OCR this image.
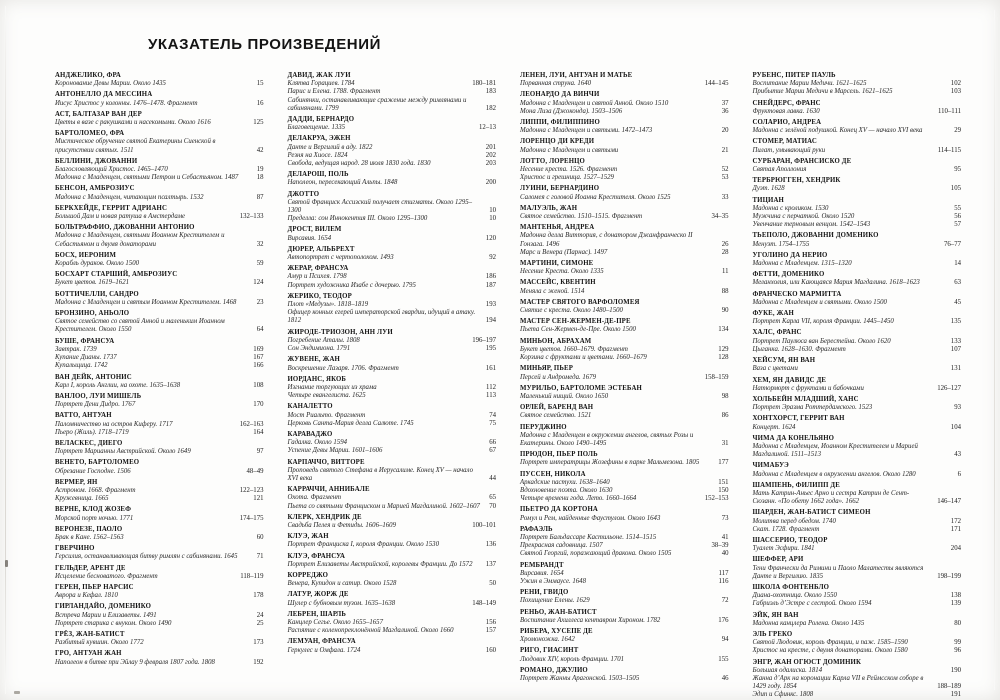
УКАЗАТЕЛЬ ПРОИЗВЕДЕНИЙ
АНДЖЕЛИКО, ФРА
Коронование Девы Марии. Около 1435	15
АНТОНЕЛЛО ДА МЕССИНА
Иисус Христос у колонны. 1476–1478. Фрагмент	16
АСТ, БАЛТАЗАР ВАН ДЕР
Цветы в вазе с ракушками и насекомыми. Около 1616	125
БАРТОЛОМЕО, ФРА
Мистическое обручение святой Екатерины Сиенской в присутствии святых. 1511	42
БЕЛЛИНИ, ДЖОВАННИ
Благословляющий Христос. 1465–1470	19
Мадонна с Младенцем, святыми Петром и Себастьяном. 1487	18
БЕНСОН, АМБРОЗИУС
Мадонна с Младенцем, читающим псалтырь. 1532	87
БЕРКХЕЙДЕ, ГЕРРИТ АДРИАНС
Большой Дам и новая ратуша в Амстердаме	132–133
БОЛЬТРАФФИО, ДЖОВАННИ АНТОНИО
Мадонна с Младенцем, святыми Иоанном Крестителем и Себастьяном и двумя донаторами	32
БОСХ, ИЕРОНИМ
Корабль дураков. Около 1500	59
БОСХАРТ СТАРШИЙ, АМБРОЗИУС
Букет цветов. 1619–1621	124
БОТТИЧЕЛЛИ, САНДРО
Мадонна с Младенцем и святым Иоанном Крестителем. 1468	23
БРОНЗИНО, АНЬОЛО
Святое семейство со святой Анной и маленьким Иоанном Крестителем. Около 1550	64
БУШЕ, ФРАНСУА
Завтрак. 1739	169
Купание Дианы. 1737	167
Купальщица. 1742	166
ВАН ДЕЙК, АНТОНИС
Карл I, король Англии, на охоте. 1635–1638	108
ВАНЛОО, ЛУИ МИШЕЛЬ
Портрет Дени Дидро. 1767	170
ВАТТО, АНТУАН
Паломничество на остров Киферу. 1717	162–163
Пьеро (Жиль). 1718–1719	164
ВЕЛАСКЕС, ДИЕГО
Портрет Марианны Австрийской. Около 1649	97
ВЕНЕТО, БАРТОЛОМЕО
Обрезание Господне. 1506	48–49
ВЕРМЕР, ЯН
Астроном. 1668. Фрагмент	122–123
Кружевница. 1665	121
ВЕРНЕ, КЛОД ЖОЗЕФ
Морской порт ночью. 1771	174–175
ВЕРОНЕЗЕ, ПАОЛО
Брак в Кане. 1562–1563	60
ГВЕРЧИНО
Герсилия, останавливающая битву римлян с сабинянами. 1645	71
ГЕЛЬДЕР, АРЕНТ ДЕ
Исцеление бесноватого. Фрагмент	118–119
ГЕРЕН, ПЬЕР НАРСИС
Аврора и Кефал. 1810	178
ГИРЛАНДАЙО, ДОМЕНИКО
Встреча Марии и Елизаветы. 1491	24
Портрет старика с внуком. Около 1490	25
ГРЁЗ, ЖАН-БАТИСТ
Разбитый кувшин. Около 1772	173
ГРО, АНТУАН ЖАН
Наполеон в битве при Эйлау 9 февраля 1807 года. 1808	192
ДАВИД, ЖАК ЛУИ
Клятва Горациев. 1784	180–181
Парис и Елена. 1788. Фрагмент	183
Сабинянки, останавливающие сражение между римлянами и сабинянами. 1799	182
ДАДДИ, БЕРНАРДО
Благовещение. 1335	12–13
ДЕЛАКРУА, ЭЖЕН
Данте и Вергилий в аду. 1822	201
Резня на Хиосе. 1824	202
Свобода, ведущая народ. 28 июля 1830 года. 1830	203
ДЕЛАРОШ, ПОЛЬ
Наполеон, пересекающий Альпы. 1848	200
ДЖОТТО
Святой Франциск Ассизский получает стигматы. Около 1295–1300	10
Пределла: сон Иннокентия III. Около 1295–1300	10
ДРОСТ, ВИЛЕМ
Вирсавия. 1654	120
ДЮРЕР, АЛЬБРЕХТ
Автопортрет с чертополохом. 1493	92
ЖЕРАР, ФРАНСУА
Амур и Психея. 1798	186
Портрет художника Изабе с дочерью. 1795	187
ЖЕРИКО, ТЕОДОР
Плот «Медузы». 1818–1819	193
Офицер конных егерей императорской гвардии, идущий в атаку. 1812	194
ЖИРОДЕ-ТРИОЗОН, АНН ЛУИ
Погребение Аталы. 1808	196–197
Сон Эндимиона. 1791	195
ЖУВЕНЕ, ЖАН
Воскрешение Лазаря. 1706. Фрагмент	161
ИОРДАНС, ЯКОБ
Изгнание торгующих из храма	112
Четыре евангелиста. 1625	113
КАНАЛЕТТО
Мост Риальто. Фрагмент	74
Церковь Санта-Мария делла Салюте. 1745	75
КАРАВАДЖО
Гадалка. Около 1594	66
Успение Девы Марии. 1601–1606	67
КАРПАЧЧО, ВИТТОРЕ
Проповедь святого Стефана в Иерусалиме. Конец XV — начало XVI века	44
КАРРАЧЧИ, АННИБАЛЕ
Охота. Фрагмент	65
Пьета со святыми Франциском и Марией Магдалиной. 1602–1607 70
КЛЕРК, ХЕНДРИК ДЕ
Свадьба Пелея и Фетиды. 1606–1609	100–101
КЛУЭ, ЖАН
Портрет Франциска I, короля Франции. Около 1530	136
КЛУЭ, ФРАНСУА
Портрет Елизаветы Австрийской, королевы Франции. До 1572 137
КОРРЕДЖО
Венера, Купидон и сатир. Около 1528	50
ЛАТУР, ЖОРЖ ДЕ
Шулер с бубновым тузом. 1635–1638	148–149
ЛЕБРЕН, ШАРЛЬ
Канцлер Сегье. Около 1655–1657	156
Распятие с коленопреклонённой Магдалиной. Около 1660	157
ЛЕМУАН, ФРАНСУА
Геркулес и Омфала. 1724	160
ЛЕНЕН, ЛУИ, АНТУАН И МАТЬЕ
Порванная струна. 1640	144–145
ЛЕОНАРДО ДА ВИНЧИ
Мадонна с Младенцем и святой Анной. Около 1510	37
Мона Лиза (Джоконда). 1503–1506	36
ЛИППИ, ФИЛИППИНО
Мадонна с Младенцем и святыми. 1472–1473	20
ЛОРЕНЦО ДИ КРЕДИ
Мадонна с Младенцем и святыми	21
ЛОТТО, ЛОРЕНЦО
Несение креста. 1526. Фрагмент	52
Христос и грешница. 1527–1529	53
ЛУИНИ, БЕРНАРДИНО
Саломея с головой Иоанна Крестителя. Около 1525	33
МАЛУЭЛЬ, ЖАН
Святое семейство. 1510–1515. Фрагмент	34–35
МАНТЕНЬЯ, АНДРЕА
Мадонна делла Виттория, с донатором Джанфранческо II Гонзага. 1496	26
Марс и Венера (Парнас). 1497	28
МАРТИНИ, СИМОНЕ
Несение Креста. Около 1335	11
МАССЕЙС, КВЕНТИН
Меняла с женой. 1514	88
МАСТЕР СВЯТОГО ВАРФОЛОМЕЯ
Снятие с креста. Около 1480–1500	90
МАСТЕР СЕН-ЖЕРМЕН-ДЕ-ПРЕ
Пьета Сен-Жермен-де-Пре. Около 1500	134
МИНЬОН, АБРАХАМ
Букет цветов. 1660–1679. Фрагмент	129
Корзина с фруктами и цветами. 1660–1679	128
МИНЬЯР, ПЬЕР
Персей и Андромеда. 1679	158–159
МУРИЛЬО, БАРТОЛОМЕ ЭСТЕБАН
Маленький нищий. Около 1650	98
ОРЛЕЙ, БАРЕНД ВАН
Святое семейство. 1521	86
ПЕРУДЖИНО
Мадонна с Младенцем в окружении ангелов, святых Розы и Екатерины. Около 1490–1495	31
ПРЮДОН, ПЬЕР ПОЛЬ
Портрет императрицы Жозефины в парке Мальмезона. 1805	177
ПУССЕН, НИКОЛА
Аркадские пастухи. 1638–1640	151
Вдохновение поэта. Около 1630	150
Четыре времени года. Лето. 1660–1664	152–153
ПЬЕТРО ДА КОРТОНА
Ромул и Рем, найденные Фаустулом. Около 1643	73
РАФАЭЛЬ
Портрет Бальдассаре Кастильоне. 1514–1515	41
Прекрасная садовница. 1507	38–39
Святой Георгий, поражающий дракона. Около 1505	40
РЕМБРАНДТ
Вирсавия. 1654	117
Ужин в Эммаусе. 1648	116
РЕНИ, ГВИДО
Похищение Елены. 1629	72
РЕНЬО, ЖАН-БАТИСТ
Воспитание Ахиллеса кентавром Хироном. 1782	176
РИБЕРА, ХУСЕПЕ ДЕ
Хромоножка. 1642	94
РИГО, ГИАСИНТ
Людовик XIV, король Франции. 1701	155
РОМАНО, ДЖУЛИО
Портрет Жанны Арагонской. 1503–1505	46
РУБЕНС, ПИТЕР ПАУЛЬ
Воспитание Марии Медичи. 1621–1625	102
Прибытие Марии Медичи в Марсель. 1621–1625	103
СНЕЙДЕРС, ФРАНС
Фруктовая лавка. 1630	110–111
СОЛАРИО, АНДРЕА
Мадонна с зелёной подушкой. Конец XV — начало XVI века	29
СТОМЕР, МАТИАС
Пилат, умывающий руки	114–115
СУРБАРАН, ФРАНСИСКО ДЕ
Святая Аполлония	95
ТЕРБРЮГГЕН, ХЕНДРИК
Дуэт. 1628	105
ТИЦИАН
Мадонна с кроликом. 1530	55
Мужчина с перчаткой. Около 1520	56
Увенчание терновым венцом. 1542–1543	57
ТЬЕПОЛО, ДЖОВАННИ ДОМЕНИКО
Менуэт. 1754–1755	76–77
УГОЛИНО ДА НЕРИО
Мадонна с Младенцем. 1315–1320	14
ФЕТТИ, ДОМЕНИКО
Меланхолия, или Кающаяся Мария Магдалина. 1618–1623	63
ФРАНЧЕСКО МАРМИТТА
Мадонна с Младенцем и святыми. Около 1500	45
ФУКЕ, ЖАН
Портрет Карла VII, короля Франции. 1445–1450	135
ХАЛС, ФРАНС
Портрет Паулюса ван Берестейна. Около 1620	133
Цыганка. 1628–1630. Фрагмент	107
ХЕЙСУМ, ЯН ВАН
Ваза с цветами	131
ХЕМ, ЯН ДАВИДС ДЕ
Натюрморт с фруктами и бабочками	126–127
ХОЛЬБЕЙН МЛАДШИЙ, ХАНС
Портрет Эразма Роттердамского. 1523	93
ХОНТХОРСТ, ГЕРРИТ ВАН
Концерт. 1624	104
ЧИМА ДА КОНЕЛЬЯНО
Мадонна с Младенцем, Иоанном Крестителем и Марией Магдалиной. 1511–1513	43
ЧИМАБУЭ
Мадонна с Младенцем в окружении ангелов. Около 1280	6
ШАМПЕНЬ, ФИЛИПП ДЕ
Мать Катрин-Аньес Арно и сестра Катрин де Сент-Сюзанн. «По обету 1662 года». 1662	146–147
ШАРДЕН, ЖАН-БАТИСТ СИМЕОН
Молитва перед обедом. 1740	172
Скат. 1728. Фрагмент	171
ШАССЕРИО, ТЕОДОР
Туалет Эсфири. 1841	204
ШЕФФЕР, АРИ
Тени Франчески да Римини и Паоло Малатесты являются Данте и Вергилию. 1835	198–199
ШКОЛА ФОНТЕНБЛО
Диана-охотница. Около 1550	138
Габриэль д’Эстре с сестрой. Около 1594	139
ЭЙК, ЯН ВАН
Мадонна канцлера Ролена. Около 1435	80
ЭЛЬ ГРЕКО
Святой Людовик, король Франции, и паж. 1585–1590	99
Христос на кресте, с двумя донаторами. Около 1580	96
ЭНГР, ЖАН ОГЮСТ ДОМИНИК
Большая одалиска. 1814	190
Жанна д’Арк на коронации Карла VII в Реймсском соборе в 1429 году. 1854	188–189
Эдип и Сфинкс. 1808	191
